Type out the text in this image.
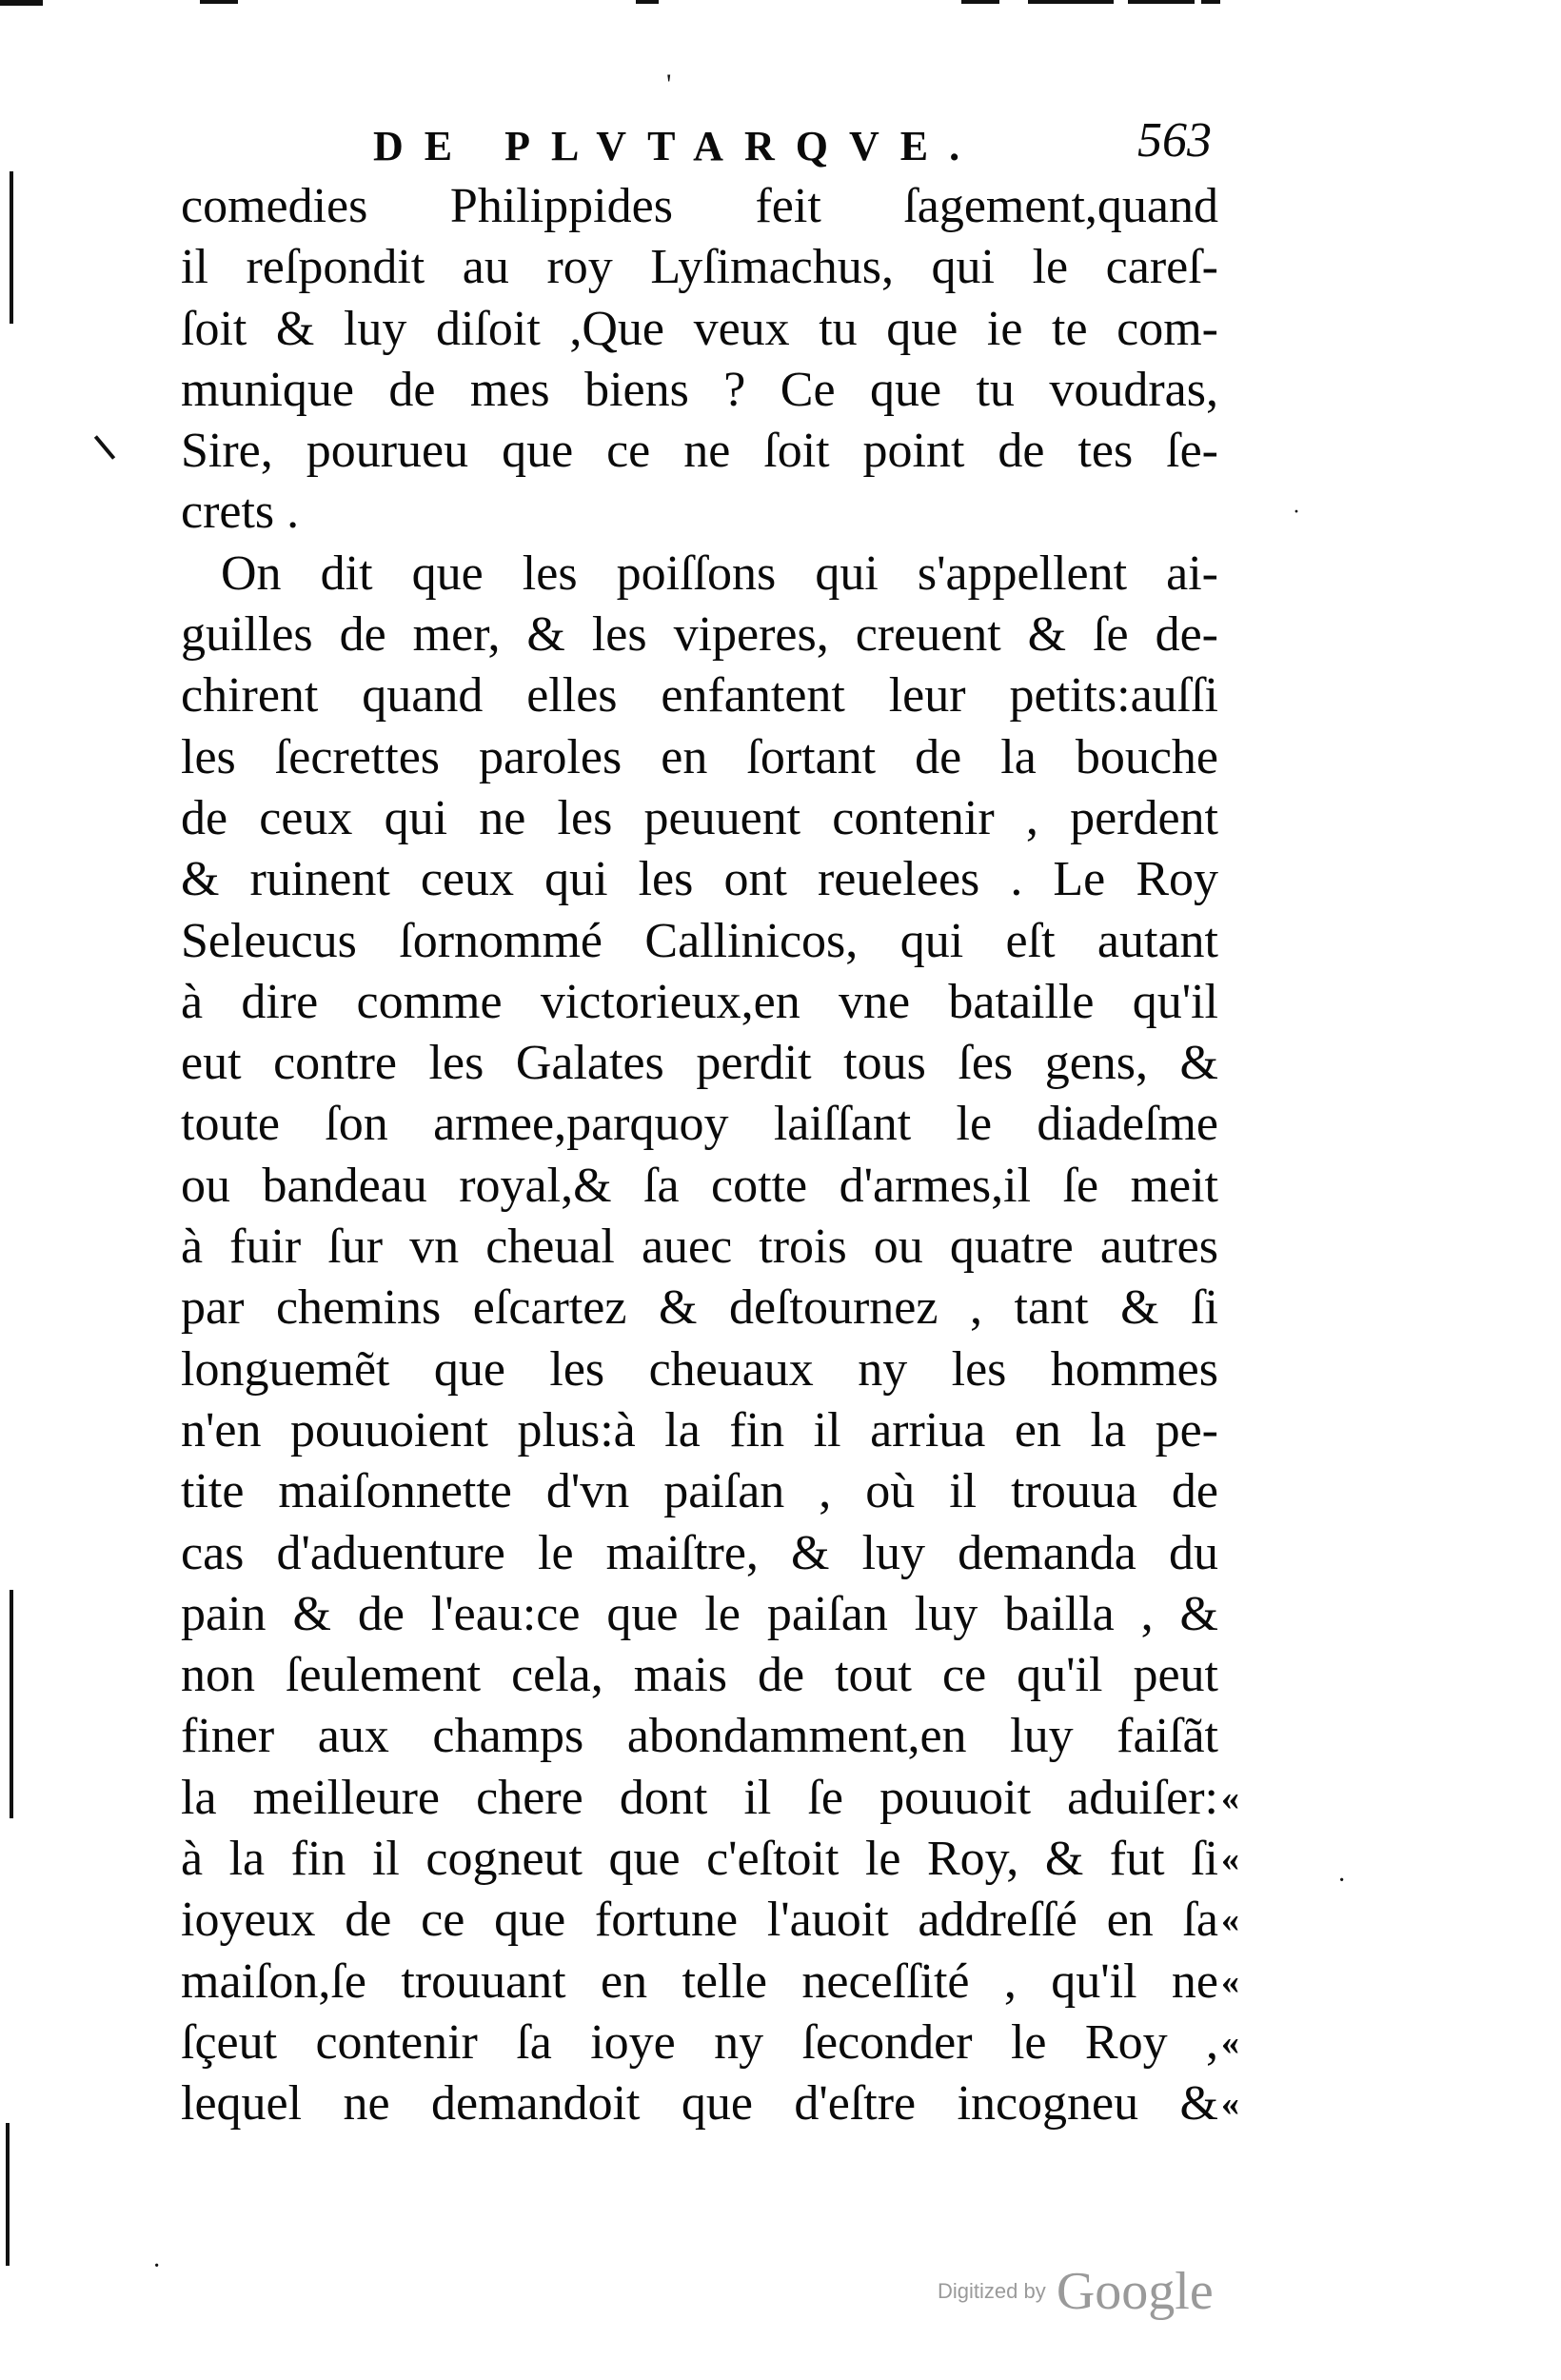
DE PLVTARQVE.	563
comedies Philippides feit ſagement,quand
il reſpondit au roy Lyſimachus, qui le careſ-
ſoit & luy diſoit ,Que veux tu que ie te com-
munique de mes biens ? Ce que tu voudras,
Sire, pourueu que ce ne ſoit point de tes ſe-
crets .
On dit que les poiſſons qui s'appellent ai-
guilles de mer, & les viperes, creuent & ſe de-
chirent quand elles enfantent leur petits:auſſi
les ſecrettes paroles en ſortant de la bouche
de ceux qui ne les peuuent contenir , perdent
& ruinent ceux qui les ont reuelees . Le Roy
Seleucus ſornommé Callinicos, qui eſt autant
à dire comme victorieux,en vne bataille qu'il
eut contre les Galates perdit tous ſes gens, &
toute ſon armee,parquoy laiſſant le diadeſme
ou bandeau royal,& ſa cotte d'armes,il ſe meit
à fuir ſur vn cheual auec trois ou quatre autres
par chemins eſcartez & deſtournez , tant & ſi
longuemẽt que les cheuaux ny les hommes
n'en pouuoient plus:à la fin il arriua en la pe-
tite maiſonnette d'vn paiſan , où il trouua de
cas d'aduenture le maiſtre, & luy demanda du
pain & de l'eau:ce que le paiſan luy bailla , &
non ſeulement cela, mais de tout ce qu'il peut
finer aux champs abondamment,en luy faiſãt
la meilleure chere dont il ſe pouuoit aduiſer:
à la fin il cogneut que c'eſtoit le Roy, & fut ſi
ioyeux de ce que fortune l'auoit addreſſé en ſa
maiſon,ſe trouuant en telle neceſſité , qu'il ne
ſçeut contenir ſa ioye ny ſeconder le Roy ,
lequel ne demandoit que d'eſtre incogneu &
«
«
«
«
«
«
'
·
·
·
Digitized by Google
